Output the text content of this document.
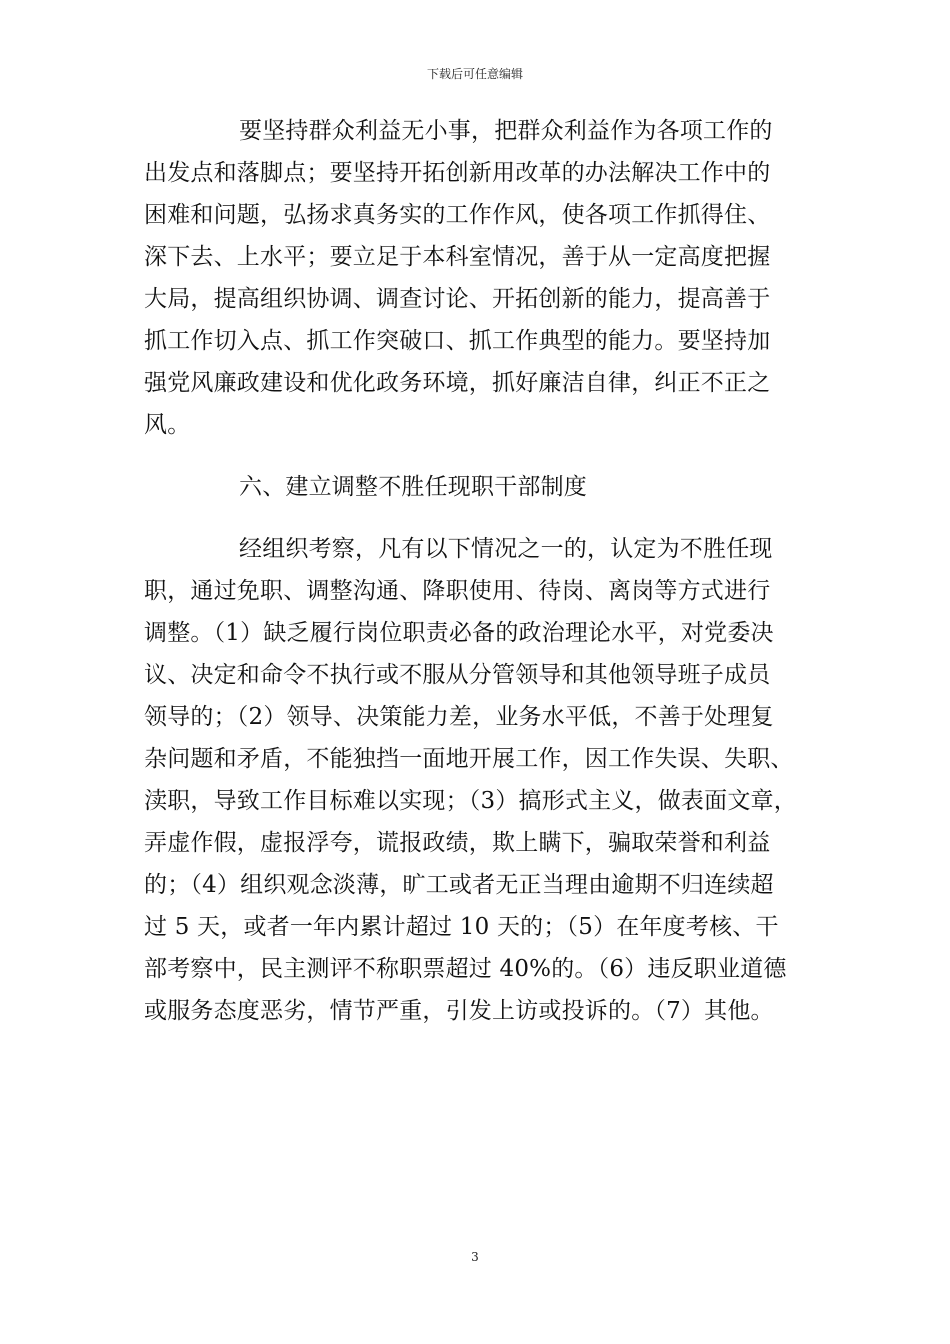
下载后可任意编辑
要坚持群众利益无小事，把群众利益作为各项工作的
出发点和落脚点；要坚持开拓创新用改革的办法解决工作中的
困难和问题，弘扬求真务实的工作作风，使各项工作抓得住、
深下去、上水平；要立足于本科室情况，善于从一定高度把握
大局，提高组织协调、调查讨论、开拓创新的能力，提高善于
抓工作切入点、抓工作突破口、抓工作典型的能力。要坚持加
强党风廉政建设和优化政务环境，抓好廉洁自律，纠正不正之
风。
六、建立调整不胜任现职干部制度
经组织考察，凡有以下情况之一的，认定为不胜任现
职，通过免职、调整沟通、降职使用、待岗、离岗等方式进行
调整。（1）缺乏履行岗位职责必备的政治理论水平，对党委决
议、决定和命令不执行或不服从分管领导和其他领导班子成员
领导的；（2）领导、决策能力差，业务水平低，不善于处理复
杂问题和矛盾，不能独挡一面地开展工作，因工作失误、失职、
渎职，导致工作目标难以实现；（3）搞形式主义，做表面文章，
弄虚作假，虚报浮夸，谎报政绩，欺上瞒下，骗取荣誉和利益
的；（4）组织观念淡薄，旷工或者无正当理由逾期不归连续超
过 5 天，或者一年内累计超过 10 天的；（5）在年度考核、干
部考察中，民主测评不称职票超过 40%的。（6）违反职业道德
或服务态度恶劣，情节严重，引发上访或投诉的。（7）其他。
3
